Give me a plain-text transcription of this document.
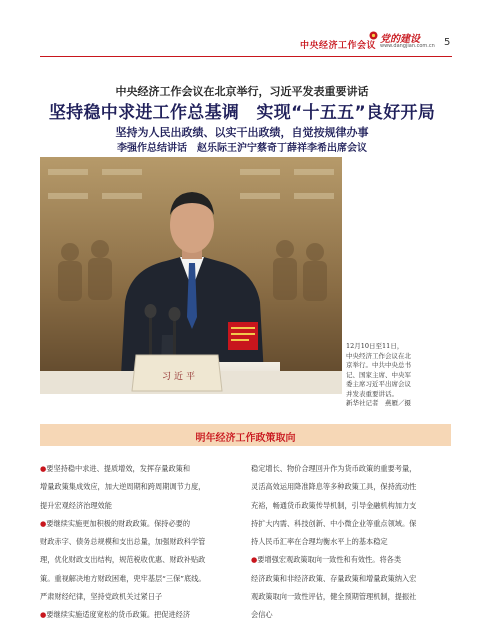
中央经济工作会议
党的建设
www.dangjian.com.cn 5
中央经济工作会议在北京举行，习近平发表重要讲话
坚持稳中求进工作总基调　实现“十五五”良好开局
坚持为人民出政绩、以实干出政绩，自觉按规律办事
李强作总结讲话　赵乐际王沪宁蔡奇丁薛祥李希出席会议
习近平
12月10日至11日，
中央经济工作会议在北
京举行。中共中央总书
记、国家主席、中央军
委主席习近平出席会议
并发表重要讲话。
新华社记者　燕雁／摄
明年经济工作政策取向

●要坚持稳中求进、提质增效，发挥存量政策和

增量政策集成效应，加大逆周期和跨周期调节力度，

提升宏观经济治理效能

●要继续实施更加积极的财政政策。保持必要的

财政赤字、债务总规模和支出总量，加强财政科学管

理，优化财政支出结构，规范税收优惠、财政补贴政

策。重视解决地方财政困难，兜牢基层“三保”底线。

严肃财经纪律，坚持党政机关过紧日子

●要继续实施适度宽松的货币政策。把促进经济

稳定增长、物价合理回升作为货币政策的重要考量，

灵活高效运用降准降息等多种政策工具，保持流动性

充裕，畅通货币政策传导机制，引导金融机构加力支

持扩大内需、科技创新、中小微企业等重点领域。保

持人民币汇率在合理均衡水平上的基本稳定

●要增强宏观政策取向一致性和有效性。将各类

经济政策和非经济政策、存量政策和增量政策纳入宏

观政策取向一致性评估，健全预期管理机制，提振社

会信心
